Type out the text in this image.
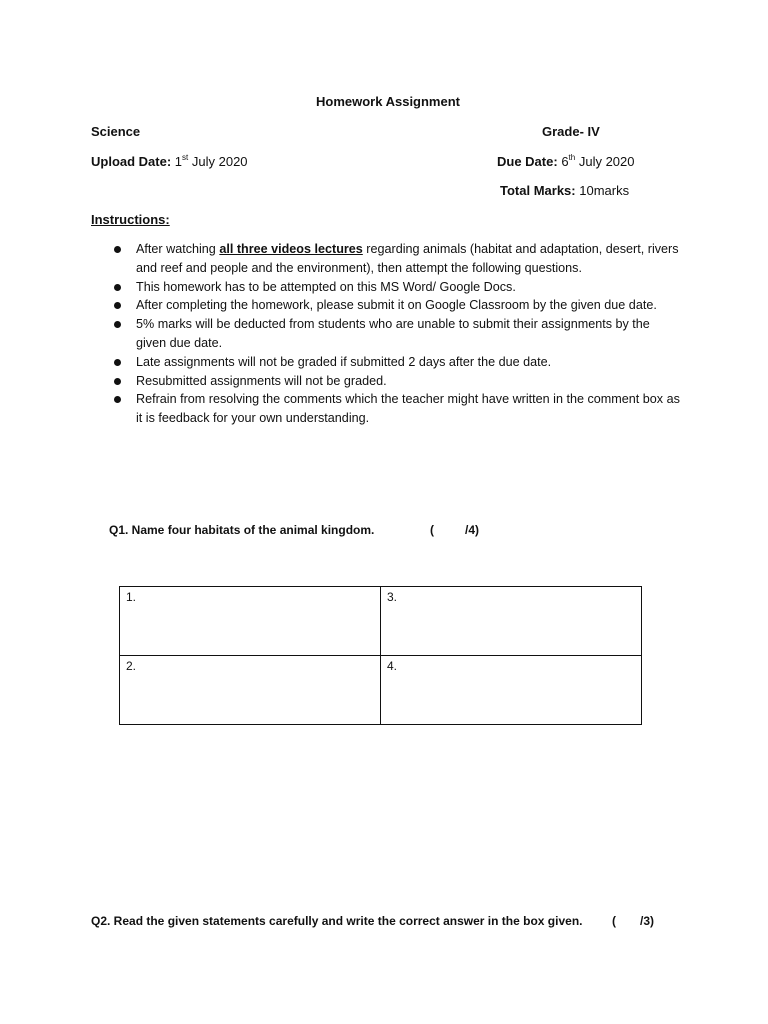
Homework Assignment
Science	Grade- IV
Upload Date: 1st July 2020	Due Date: 6th July 2020
Total Marks: 10marks
Instructions:
After watching all three videos lectures regarding animals (habitat and adaptation, desert, rivers and reef and people and the environment), then attempt the following questions.
This homework has to be attempted on this MS Word/ Google Docs.
After completing the homework, please submit it on Google Classroom by the given due date.
5% marks will be deducted from students who are unable to submit their assignments by the given due date.
Late assignments will not be graded if submitted 2 days after the due date.
Resubmitted assignments will not be graded.
Refrain from resolving the comments which the teacher might have written in the comment box as it is feedback for your own understanding.
Q1. Name four habitats of the animal kingdom.	(	/4)
1.	3.
2.	4.
Q2. Read the given statements carefully and write the correct answer in the box given. ( /3)
